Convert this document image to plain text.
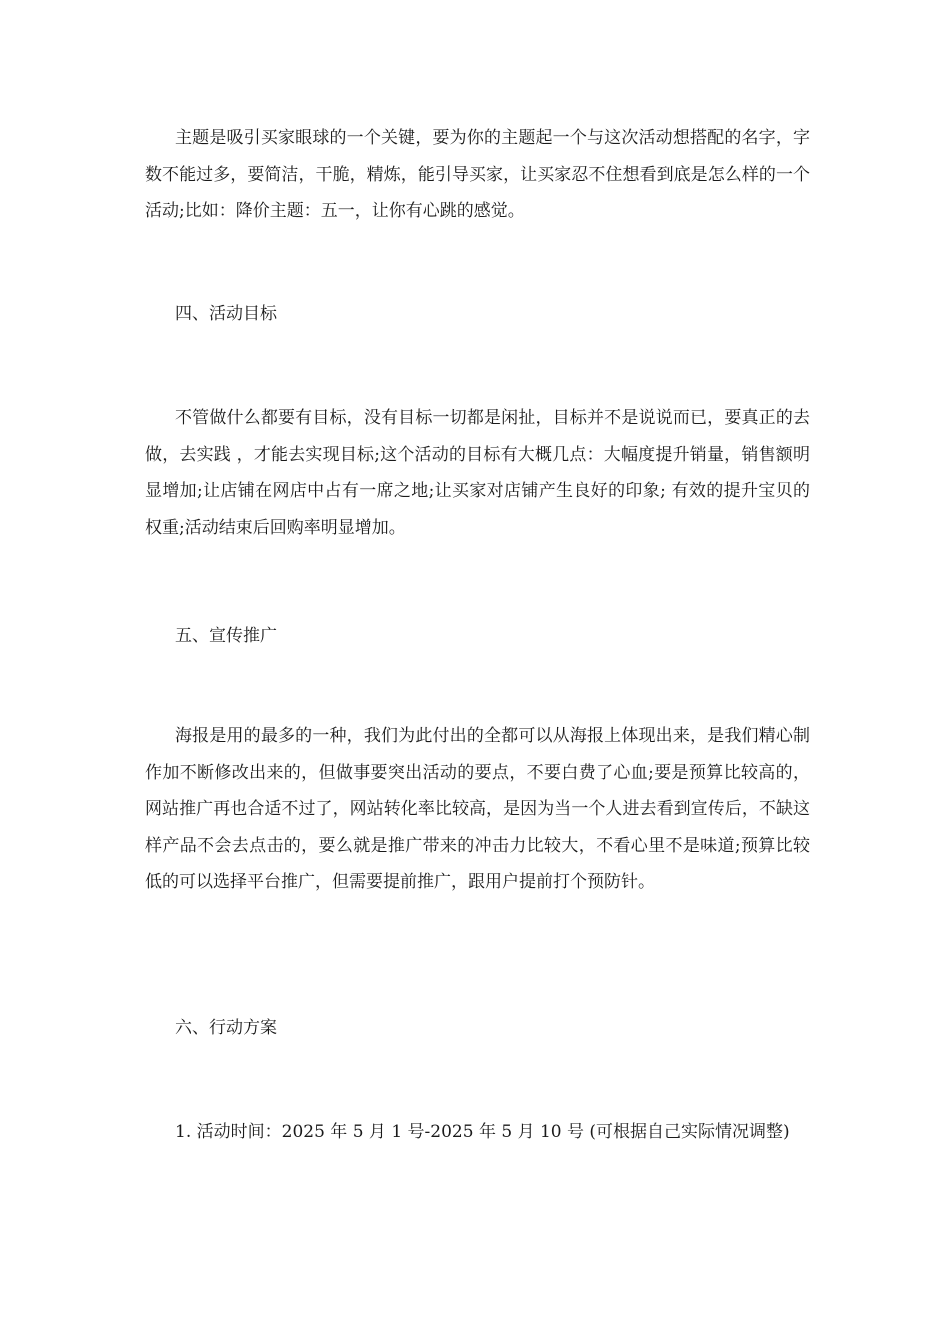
主题是吸引买家眼球的一个关键，要为你的主题起一个与这次活动想搭配的名字，字数不能过多，要简洁，干脆，精炼，能引导买家，让买家忍不住想看到底是怎么样的一个活动;比如：降价主题：五一，让你有心跳的感觉。

四、活动目标

不管做什么都要有目标，没有目标一切都是闲扯，目标并不是说说而已，要真正的去做，去实践 ，才能去实现目标;这个活动的目标有大概几点：大幅度提升销量，销售额明显增加;让店铺在网店中占有一席之地;让买家对店铺产生良好的印象; 有效的提升宝贝的权重;活动结束后回购率明显增加。

五、宣传推广

海报是用的最多的一种，我们为此付出的全都可以从海报上体现出来，是我们精心制作加不断修改出来的，但做事要突出活动的要点，不要白费了心血;要是预算比较高的，网站推广再也合适不过了，网站转化率比较高，是因为当一个人进去看到宣传后，不缺这样产品不会去点击的，要么就是推广带来的冲击力比较大，不看心里不是味道;预算比较低的可以选择平台推广，但需要提前推广，跟用户提前打个预防针。

六、行动方案

1. 活动时间：2025 年 5 月 1 号-2025 年 5 月 10 号 (可根据自己实际情况调整)
